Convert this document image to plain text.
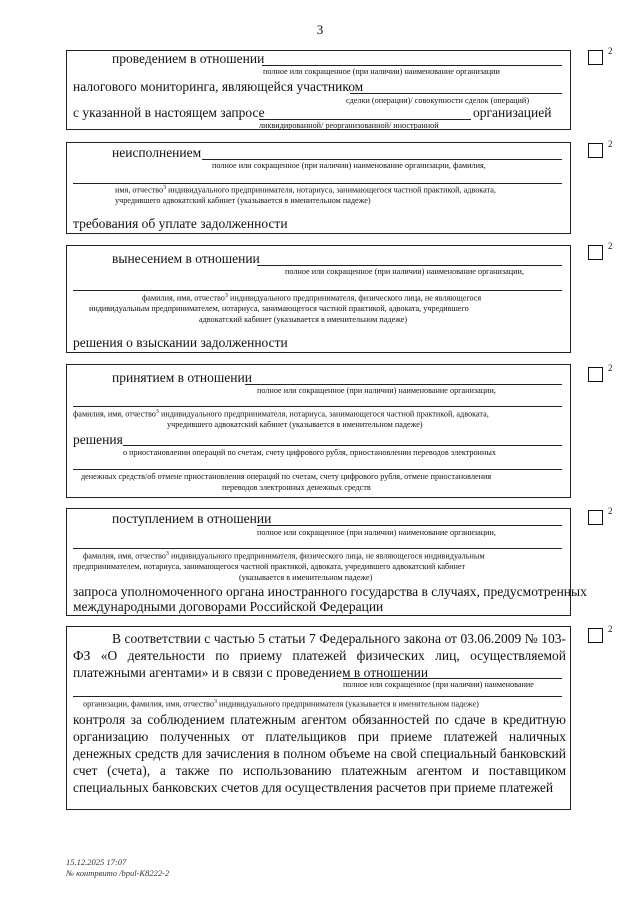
3
проведением в отношении
полное или сокращенное (при наличии) наименование организации
налогового мониторинга, являющейся участником
сделки (операции)/ совокупности сделок (операций)
с указанной в настоящем запросе	организацией
ликвидированной/ реорганизованной/ иностранной
2
неисполнением
полное или сокращенное (при наличии) наименование организации, фамилия,
имя, отчество$^3$ индивидуального предпринимателя, нотариуса, занимающегося частной практикой, адвоката,
учредившего адвокатский кабинет (указывается в именительном падеже)
требования об уплате задолженности
2
вынесением в отношении
полное или сокращенное (при наличии) наименование организации,
фамилия, имя, отчество$^3$ индивидуального предпринимателя, физического лица, не являющегося
индивидуальным предпринимателем, нотариуса, занимающегося частной практикой, адвоката, учредившего
адвокатский кабинет (указывается в именительном падеже)
решения о взыскании задолженности
2
принятием в отношении
полное или сокращенное (при наличии) наименование организации,
фамилия, имя, отчество$^3$ индивидуального предпринимателя, нотариуса, занимающегося частной практикой, адвоката,
учредившего адвокатский кабинет (указывается в именительном падеже)
решения
о приостановлении операций по счетам, счету цифрового рубля, приостановлении переводов электронных
денежных средств/об отмене приостановления операций по счетам, счету цифрового рубля, отмене приостановления
переводов электронных денежных средств
2
поступлением в отношении
полное или сокращенное (при наличии) наименование организации,
фамилия, имя, отчество$^3$ индивидуального предпринимателя, физического лица, не являющегося индивидуальным
предпринимателем, нотариуса, занимающегося частной практикой, адвоката, учредившего адвокатский кабинет
(указывается в именительном падеже)
запроса уполномоченного органа иностранного государства в случаях, предусмотренных
международными договорами Российской Федерации
2
В соответствии с частью 5 статьи 7 Федерального закона от 03.06.2009 № 103-ФЗ «О деятельности по приему платежей физических лиц, осуществляемой платежными агентами» и в связи с проведением в отношении
полное или сокращенное (при наличии) наименование
организации, фамилия, имя, отчество$^3$ индивидуального предпринимателя (указывается в именительном падеже)
контроля за соблюдением платежным агентом обязанностей по сдаче в кредитную организацию полученных от плательщиков при приеме платежей наличных денежных средств для зачисления в полном объеме на свой специальный банковский счет (счета), а также по использованию платежным агентом и поставщиком специальных банковских счетов для осуществления расчетов при приеме платежей
2
15.12.2025 17:07
№ контрвито /bpul-K8222-2
